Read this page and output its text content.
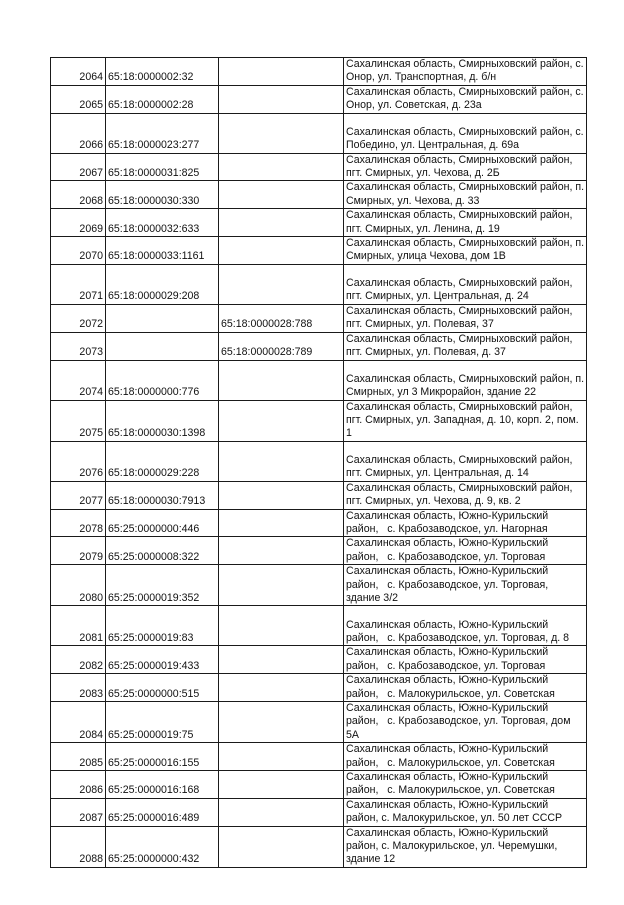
2064	65:18:0000002:32		Сахалинская область, Смирныховский район, с.
Онор, ул. Транспортная, д. б/н

2065	65:18:0000002:28		Сахалинская область, Смирныховский район, с.
Онор, ул. Советская, д. 23а

2066	65:18:0000023:277		Сахалинская область, Смирныховский район, с.
Победино, ул. Центральная, д. 69а

2067	65:18:0000031:825		Сахалинская область, Смирныховский район,
пгт. Смирных, ул. Чехова, д. 2Б

2068	65:18:0000030:330		Сахалинская область, Смирныховский район, п.
Смирных, ул. Чехова, д. 33

2069	65:18:0000032:633		Сахалинская область, Смирныховский район,
пгт. Смирных, ул. Ленина, д. 19

2070	65:18:0000033:1161		Сахалинская область, Смирныховский район, п.
Смирных, улица Чехова, дом 1В

2071	65:18:0000029:208		Сахалинская область, Смирныховский район,
пгт. Смирных, ул. Центральная, д. 24

2072		65:18:0000028:788	Сахалинская область, Смирныховский район,
пгт. Смирных, ул. Полевая, 37

2073		65:18:0000028:789	Сахалинская область, Смирныховский район,
пгт. Смирных, ул. Полевая, д. 37

2074	65:18:0000000:776		Сахалинская область, Смирныховский район, п.
Смирных, ул 3 Микрорайон, здание 22

2075	65:18:0000030:1398		Сахалинская область, Смирныховский район,
пгт. Смирных, ул. Западная, д. 10, корп. 2, пом.
1

2076	65:18:0000029:228		Сахалинская область, Смирныховский район,
пгт. Смирных, ул. Центральная, д. 14

2077	65:18:0000030:7913		Сахалинская область, Смирныховский район,
пгт. Смирных, ул. Чехова, д. 9, кв. 2

2078	65:25:0000000:446		Сахалинская область, Южно-Курильский
район,   с. Крабозаводское, ул. Нагорная

2079	65:25:0000008:322		Сахалинская область, Южно-Курильский
район,   с. Крабозаводское, ул. Торговая

2080	65:25:0000019:352		Сахалинская область, Южно-Курильский
район,   с. Крабозаводское, ул. Торговая,
здание 3/2

2081	65:25:0000019:83		Сахалинская область, Южно-Курильский
район,   с. Крабозаводское, ул. Торговая, д. 8

2082	65:25:0000019:433		Сахалинская область, Южно-Курильский
район,   с. Крабозаводское, ул. Торговая

2083	65:25:0000000:515		Сахалинская область, Южно-Курильский
район,   с. Малокурильское, ул. Советская

2084	65:25:0000019:75		Сахалинская область, Южно-Курильский
район,   с. Крабозаводское, ул. Торговая, дом
5А

2085	65:25:0000016:155		Сахалинская область, Южно-Курильский
район,   с. Малокурильское, ул. Советская

2086	65:25:0000016:168		Сахалинская область, Южно-Курильский
район,   с. Малокурильское, ул. Советская

2087	65:25:0000016:489		Сахалинская область, Южно-Курильский
район, с. Малокурильское, ул. 50 лет СССР

2088	65:25:0000000:432		Сахалинская область, Южно-Курильский
район, с. Малокурильское, ул. Черемушки,
здание 12
